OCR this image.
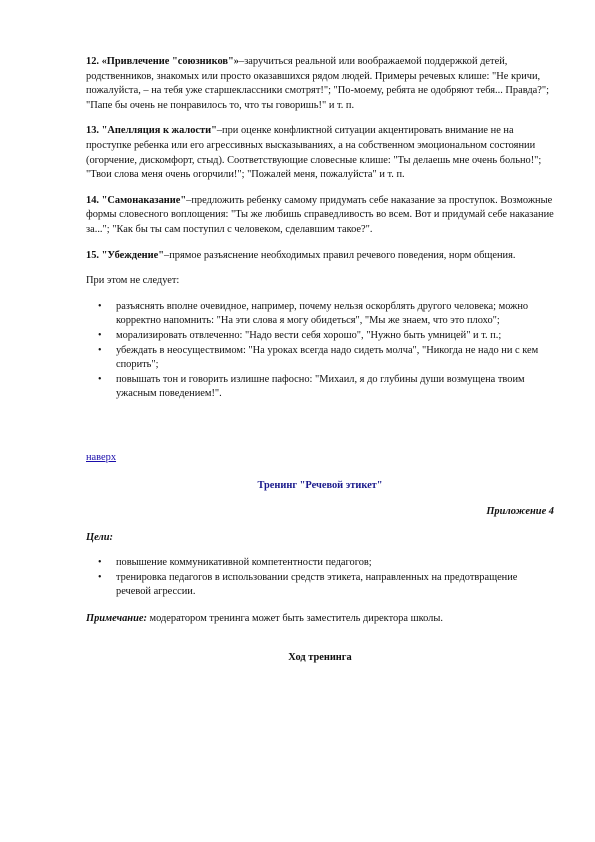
12. «Привлечение "союзников"»–заручиться реальной или воображаемой поддержкой детей, родственников, знакомых или просто оказавшихся рядом людей. Примеры речевых клише: "Не кричи, пожалуйста, – на тебя уже старшеклассники смотрят!"; "По-моему, ребята не одобряют тебя... Правда?"; "Папе бы очень не понравилось то, что ты говоришь!" и т. п.

13. "Апелляция к жалости"–при оценке конфликтной ситуации акцентировать внимание не на проступке ребенка или его агрессивных высказываниях, а на собственном эмоциональном состоянии (огорчение, дискомфорт, стыд). Соответствующие словесные клише: "Ты делаешь мне очень больно!"; "Твои слова меня очень огорчили!"; "Пожалей меня, пожалуйста" и т. п.

14. "Самонаказание"–предложить ребенку самому придумать себе наказание за проступок. Возможные формы словесного воплощения: "Ты же любишь справедливость во всем. Вот и придумай себе наказание за..."; "Как бы ты сам поступил с человеком, сделавшим такое?".

15. "Убеждение"–прямое разъяснение необходимых правил речевого поведения, норм общения.

При этом не следует:

• разъяснять вполне очевидное, например, почему нельзя оскорблять другого человека; можно корректно напомнить: "На эти слова я могу обидеться", "Мы же знаем, что это плохо";
• морализировать отвлеченно: "Надо вести себя хорошо", "Нужно быть умницей" и т. п.;
• убеждать в неосуществимом: "На уроках всегда надо сидеть молча", "Никогда не надо ни с кем спорить";
• повышать тон и говорить излишне пафосно: "Михаил, я до глубины души возмущена твоим ужасным поведением!".

наверх

Тренинг "Речевой этикет"

Приложение 4

Цели:

• повышение коммуникативной компетентности педагогов;
• тренировка педагогов в использовании средств этикета, направленных на предотвращение речевой агрессии.

Примечание: модератором тренинга может быть заместитель директора школы.

Ход тренинга
